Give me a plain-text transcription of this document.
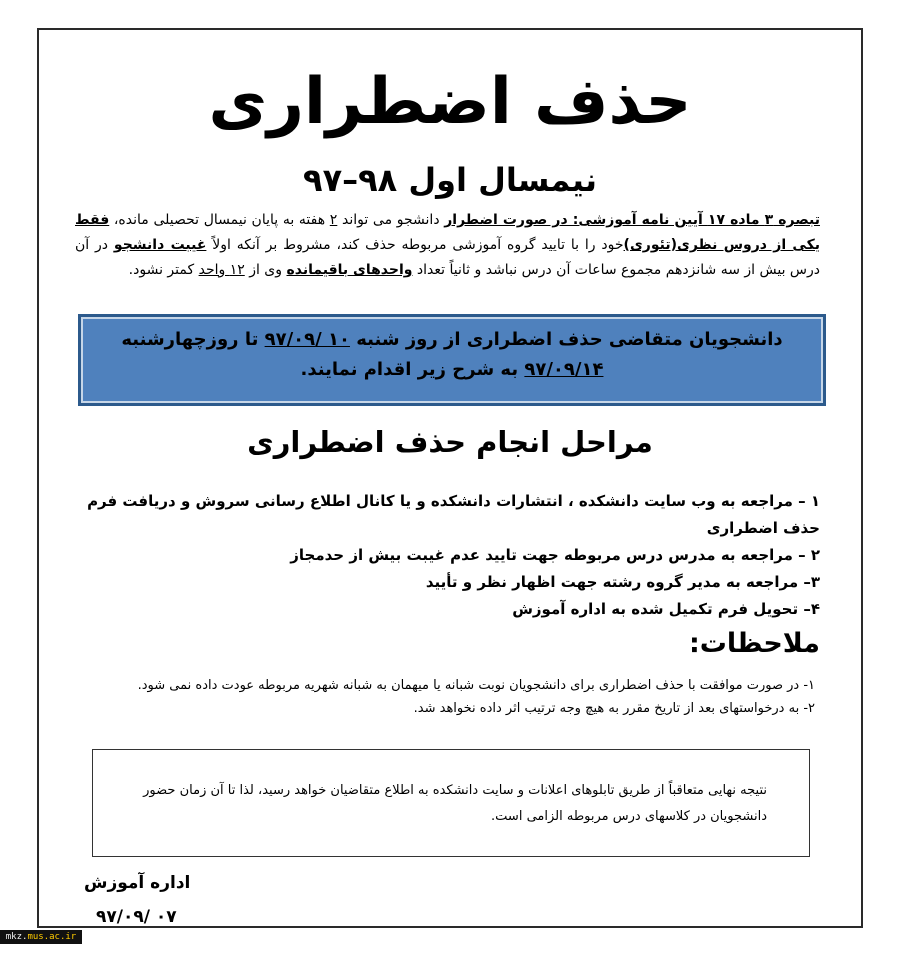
حذف اضطراری
نیمسال اول ۹۸–۹۷
تبصره ۳ ماده ۱۷ آیین نامه آموزشی: در صورت اضطرار دانشجو می تواند ۲ هفته به پایان نیمسال تحصیلی مانده، فقط یکی از دروس نظری(تئوری)خود را با تایید گروه آموزشی مربوطه حذف کند، مشروط بر آنکه اولاً غیبت دانشجو در آن درس بیش از سه شانزدهم مجموع ساعات آن درس نباشد و ثانیاً تعداد واحدهای باقیمانده وی از ۱۲ واحد کمتر نشود.

دانشجویان متقاضی حذف اضطراری از روز شنبه ۱۰ /۹۷/۰۹ تا روزچهارشنبه

۹۷/۰۹/۱۴ به شرح زیر اقدام نمایند.

مراحل انجام حذف اضطراری
۱ – مراجعه به وب سایت دانشکده ، انتشارات دانشکده و یا کانال اطلاع رسانی سروش و دریافت فرم حذف اضطراری
۲ – مراجعه به مدرس درس مربوطه جهت تایید عدم غیبت بیش از حدمجاز
۳– مراجعه به مدیر گروه رشته جهت اظهار نظر و تأیید
۴– تحویل فرم تکمیل شده به اداره آموزش
ملاحظات:
۱- در صورت موافقت با حذف اضطراری برای دانشجویان نوبت شبانه یا میهمان به شبانه شهریه مربوطه عودت داده نمی شود.
۲- به درخواستهای بعد از تاریخ مقرر به هیچ وجه ترتیب اثر داده نخواهد شد.
نتیجه نهایی متعاقباً از طریق تابلوهای اعلانات و سایت دانشکده به اطلاع متقاضیان خواهد رسید، لذا تا آن زمان حضور دانشجویان در کلاسهای درس مربوطه الزامی است.
اداره آموزش
۹۷/۰۹/ ۰۷
mkz.mus.ac.ir
